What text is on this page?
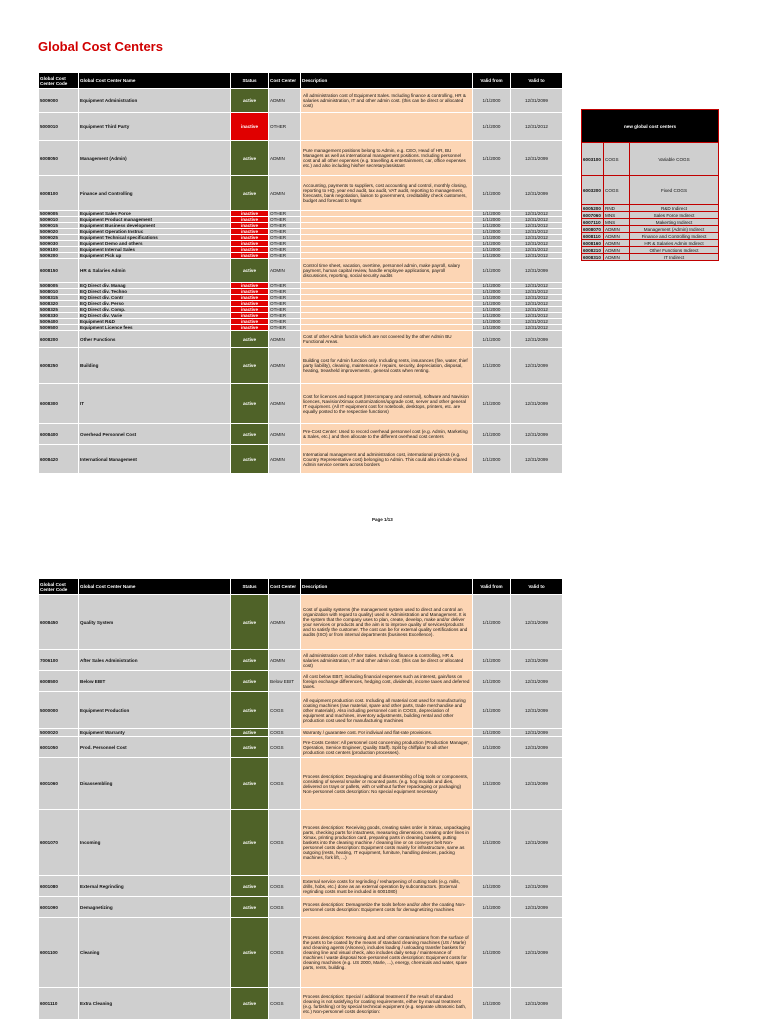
Global Cost Centers
Global Cost Center Code	Global Cost Center Name	Status	Cost Center	Description	Valid from	Valid to
5009000	Equipment Administration	active	ADMIN	All administration cost of Equipment Sales. Including finance & controlling, HR & salaries administration, IT and other admin cost. (this can be direct or allocated cost)	1/1/2000	12/31/2099
5000010	Equipment Third Party	inactive	OTHER		1/1/2000	12/31/2012
6008050	Management (Admin)	active	ADMIN	Pure management positions belong to Admin, e.g. CEO, Head of HR, BU Managers as well as international management positions. Including personnel cost and all other expenses (e.g. travelling & entertainment, car, office expenses etc.) and also including his/her secretary/assistant	1/1/2000	12/31/2099
6008100	Finance and Controlling	active	ADMIN	Accounting, payments to suppliers, cost accounting and control, monthly closing, reporting to HQ, year end audit, tax audit, VAT audit, reporting to management, forecasts, bank negotiation, liaison to government, creditability check customers, budget and forecast to Mgmt	1/1/2000	12/31/2099
5009005	Equipment Sales Force	inactive	OTHER		1/1/2000	12/31/2012
5009010	Equipment Product management	inactive	OTHER		1/1/2000	12/31/2012
5009015	Equipment Business development	inactive	OTHER		1/1/2000	12/31/2012
5009020	Equipment Operation Instruc	inactive	OTHER		1/1/2000	12/31/2012
5009025	Equipment Technical specifications	inactive	OTHER		1/1/2000	12/31/2012
5009030	Equipment Demo and others	inactive	OTHER		1/1/2000	12/31/2012
5009100	Equipment Internal Sales	inactive	OTHER		1/1/2000	12/31/2012
5009200	Equipment Pick up	inactive	OTHER		1/1/2000	12/31/2012
6008150	HR & Salaries Admin	active	ADMIN	Control time sheet, vacation, overtime, personnel admin, make payroll, salary payment, human capital review, handle employee applications, payroll discussions, reporting, social security audits	1/1/2000	12/31/2099
5008005	EQ Direct div. Manag	inactive	OTHER		1/1/2000	12/31/2012
5008010	EQ Direct div. Techno	inactive	OTHER		1/1/2000	12/31/2012
5008315	EQ Direct div. Contr	inactive	OTHER		1/1/2000	12/31/2012
5008320	EQ Direct div. Perso	inactive	OTHER		1/1/2000	12/31/2012
5008325	EQ Direct div. Comp.	inactive	OTHER		1/1/2000	12/31/2012
5008330	EQ Direct div. Varie	inactive	OTHER		1/1/2000	12/31/2012
5009400	Equipment R&D	inactive	OTHER		1/1/2000	12/31/2012
5009500	Equipment Licence fees	inactive	OTHER		1/1/2000	12/31/2012
6008200	Other Functions	active	ADMIN	Cost of other Admin functin which are not covered by the other Admin BU Functional Areas.	1/1/2000	12/31/2099
6008250	Building	active	ADMIN	Building cost for Admin function only. Including rents, insurances (fire, water, thief party liability), cleaning, maintenance / repairs, security, depreciation, disposal, heating, treasheld improvements , general costs when renting.	1/1/2000	12/31/2099
6008300	IT	active	ADMIN	Cost for licences and support (Intercompany and external), software and Navision licences, Navision/Ximax customizations/upgrade cost, server and other general IT equipment. (All IT equipment cost for notebook, desktops, printers, etc. are equally posted to the respective functions)	1/1/2000	12/31/2099
6008400	Overhead Personnel Cost	active	ADMIN	Pre-Cost Center: Used to record overhead personnel cost (e.g. Admin, Marketing & Sales, etc.) and then allocate to the different overhead cost centers	1/1/2000	12/31/2099
6008420	International Management	active	ADMIN	International management and administration cost, international projects (e.g. Country Representative cost) belonging to Admin. This could also include shared Admin service centers across borders	1/1/2000	12/31/2099
new global cost centers		
6003100	COGS	Variable COGS
6003200	COGS	Fixed COGS
6005200	RND	R&D Indirect
6007060	MNS	Sales Force Indirect
6007110	MNS	Makerting Indirect
6008070	ADMIN	Management (Admin) Indirect
6008110	ADMIN	Finance and Controlling Indirect
6008160	ADMIN	HR & Salaries Admin Indirect
6008210	ADMIN	Other Functions Indirect
6008310	ADMIN	IT Indirect
Page 1/13
Global Cost Center Code	Global Cost Center Name	Status	Cost Center	Description	Valid from	Valid to
6008450	Quality System	active	ADMIN	Cost of quality systems (the management system used to direct and control an organization with regard to quality) used in Administration and Management. It is the system that the company uses to plan, create, develop, make and/or deliver your services or products and the aim is to improve quality of services/products and to satisfy the customer. The cost can be for external quality certifications and audits (ISO) or from internal departments (business Excellence).	1/1/2000	12/31/2099
7006100	After Sales Administration	active	ADMIN	All administration cost of After Sales. Including finance & controlling, HR & salaries administration, IT and other admin cost. (this can be direct or allocated cost)	1/1/2000	12/31/2099
6008500	Below EBIT	active	Below EBIT	All cost below EBIT, including financial expenses such as interest, gain/loss on foreign exchange differences, hedging cost, dividends, income taxes and deferred taxes.	1/1/2000	12/31/2099
5000000	Equipment Production	active	COGS	All equipment production cost. Including all material cost used for manufacturing coating machines (raw material, spare and other parts, trade merchandise and other materials). Also including personnel cost in COGS, depreciation of equipment and machines, inventory adjustments, building rental and other production cost used for manufacturing machines	1/1/2000	12/31/2099
5000020	Equipment Warranty	active	COGS	Warranty / guarantee cost. For indiviual and flat-rate provisions.	1/1/2000	12/31/2099
6001050	Prod. Personnel Cost	active	COGS	Pre-Costs Center: All personnel cost concerning production (Production Manager, Operation, Service Engineer, Quality Staff). Split by chiffpilar to all other production cost centers (production processes).	1/1/2000	12/31/2099
6001060	Disassembling	active	COGS	Process description: Depackaging and disassembling of big tools or components, consisting of several smaller or mounted parts. (e.g. hog moulds and dies, delivered on trays or pallets, with or without further repackaging or packaging) Non-personnel costs description: No special equipment necessary	1/1/2000	12/31/2099
6001070	Incoming	active	COGS	Process description: Receiving goods, creating sales order in Ximax, unpackaging parts, checking parts for intactness, measuring dimensions, creating order lines in Ximax, printing production card, preparing parts in cleaning baskets, putting baskets into the cleaning machine / cleaning line or on conveyor belt Non-personnel costs description: Equipment costs mainly for infrastructure, same as outgoing (rests, heating, IT equipment, furniture, handling devices, packing machines, fork lift, ...)	1/1/2000	12/31/2099
6001080	External Regrinding	active	COGS	External service costs for regrinding / resharpening of cutting tools (e.g. mills, drills, hobs, etc.) done as an external operation by subcontractors. (External regrinding costs must be included in 6001080)	1/1/2000	12/31/2099
6001090	Demagnetizing	active	COGS	Process description: Demagnetize the tools before and/or after the coating Non-personnel costs description: Equipment costs for demagnetizing machines	1/1/2000	12/31/2099
6001100	Cleaning	active	COGS	Process description: Removing dust and other contaminations from the surface of the parts to be coated by the means of standard cleaning machines (US / Marle) and cleaning agents (Alsonex), includes loading / unloading transfer baskets for cleaning line and visual check, also includes daily setup / maintenance of machines / waste disposal Non-personnel costs description: Equipment costs for cleaning machines (e.g. US 2000, Marle, ...), energy, chemicals and water, spare parts, rents, building.	1/1/2000	12/31/2099
6001110	Extra Cleaning	active	COGS	Process description: Special / additional treatment if the result of standard cleaning is not satisfying for coating requirements, either by manual treatment (e.g. furbishing) or by special technical equipment (e.g. separate ultrasonic bath, etc.) Non-personnel costs description:	1/1/2000	12/31/2099
